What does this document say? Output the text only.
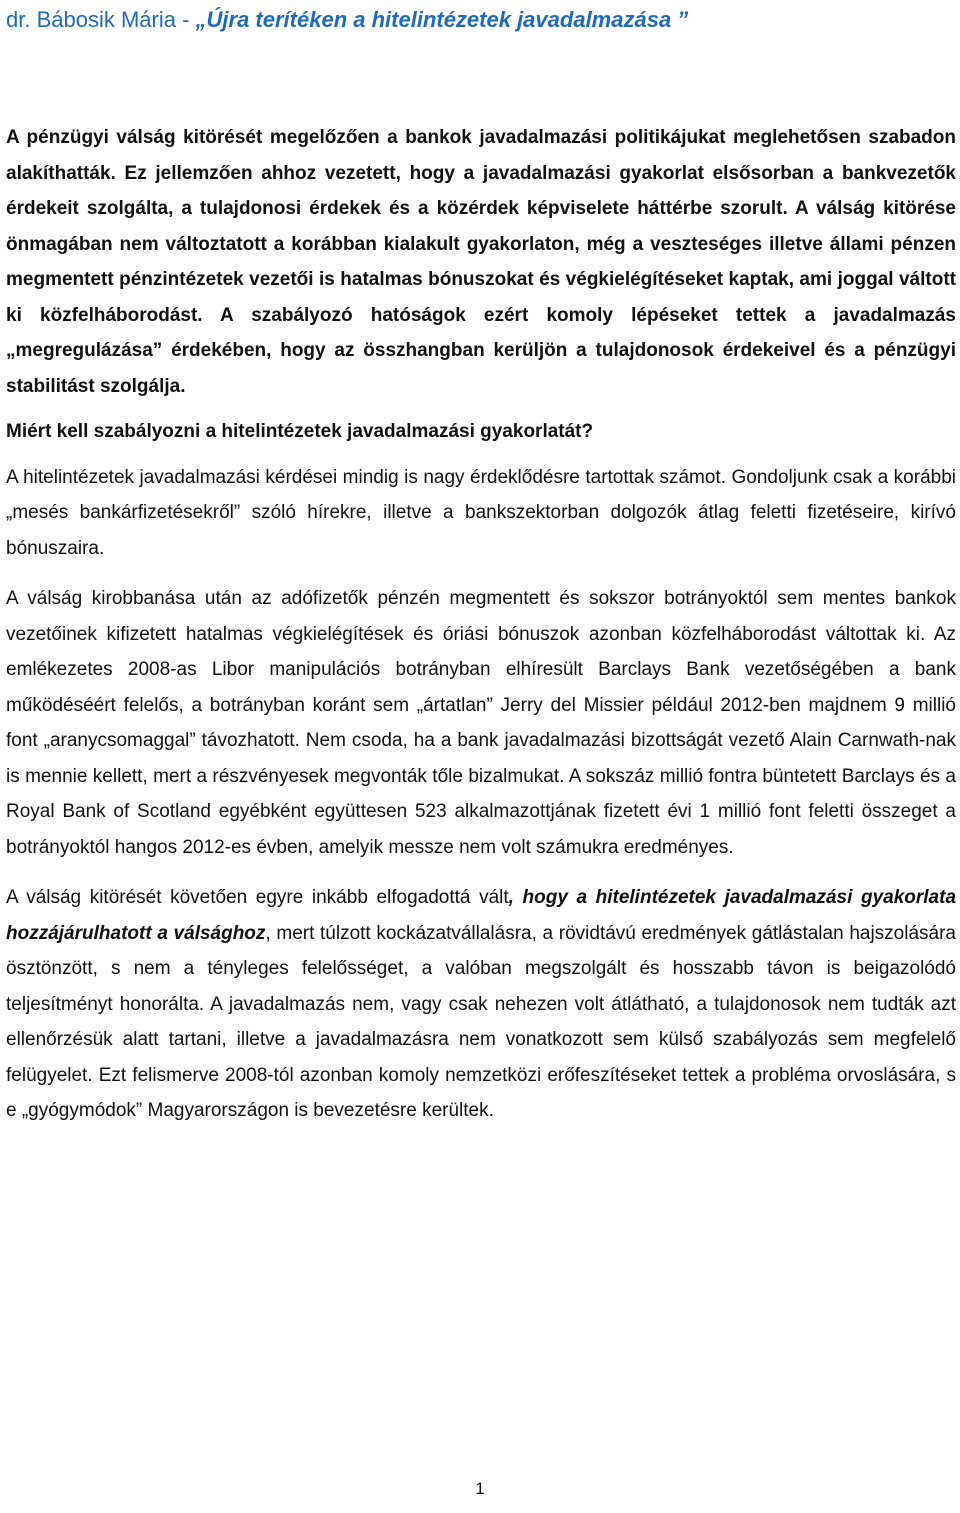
dr. Bábosik Mária - „Újra terítéken a hitelintézetek javadalmazása ”

A pénzügyi válság kitörését megelőzően a bankok javadalmazási politikájukat meglehetősen szabadon alakíthatták. Ez jellemzően ahhoz vezetett, hogy a javadalmazási gyakorlat elsősorban a bankvezetők érdekeit szolgálta, a tulajdonosi érdekek és a közérdek képviselete háttérbe szorult. A válság kitörése önmagában nem változtatott a korábban kialakult gyakorlaton, még a veszteséges illetve állami pénzen megmentett pénzintézetek vezetői is hatalmas bónuszokat és végkielégítéseket kaptak, ami joggal váltott ki közfelháborodást. A szabályozó hatóságok ezért komoly lépéseket tettek a javadalmazás „megregulázása” érdekében, hogy az összhangban kerüljön a tulajdonosok érdekeivel és a pénzügyi stabilitást szolgálja.

Miért kell szabályozni a hitelintézetek javadalmazási gyakorlatát?

A hitelintézetek javadalmazási kérdései mindig is nagy érdeklődésre tartottak számot. Gondoljunk csak a korábbi „mesés bankárfizetésekről” szóló hírekre, illetve a bankszektorban dolgozók átlag feletti fizetéseire, kirívó bónuszaira.

A válság kirobbanása után az adófizetők pénzén megmentett és sokszor botrányoktól sem mentes bankok vezetőinek kifizetett hatalmas végkielégítések és óriási bónuszok azonban közfelháborodást váltottak ki. Az emlékezetes 2008-as Libor manipulációs botrányban elhíresült Barclays Bank vezetőségében a bank működéséért felelős, a botrányban koránt sem „ártatlan” Jerry del Missier például 2012-ben majdnem 9 millió font „aranycsomaggal” távozhatott. Nem csoda, ha a bank javadalmazási bizottságát vezető Alain Carnwath-nak is mennie kellett, mert a részvényesek megvonták tőle bizalmukat. A sokszáz millió fontra büntetett Barclays és a Royal Bank of Scotland egyébként együttesen 523 alkalmazottjának fizetett évi 1 millió font feletti összeget a botrányoktól hangos 2012-es évben, amelyik messze nem volt számukra eredményes.

A válság kitörését követően egyre inkább elfogadottá vált, hogy a hitelintézetek javadalmazási gyakorlata hozzájárulhatott a válsághoz, mert túlzott kockázatvállalásra, a rövidtávú eredmények gátlástalan hajszolására ösztönzött, s nem a tényleges felelősséget, a valóban megszolgált és hosszabb távon is beigazolódó teljesítményt honorálta. A javadalmazás nem, vagy csak nehezen volt átlátható, a tulajdonosok nem tudták azt ellenőrzésük alatt tartani, illetve a javadalmazásra nem vonatkozott sem külső szabályozás sem megfelelő felügyelet. Ezt felismerve 2008-tól azonban komoly nemzetközi erőfeszítéseket tettek a probléma orvoslására, s e „gyógymódok” Magyarországon is bevezetésre kerültek.

1
